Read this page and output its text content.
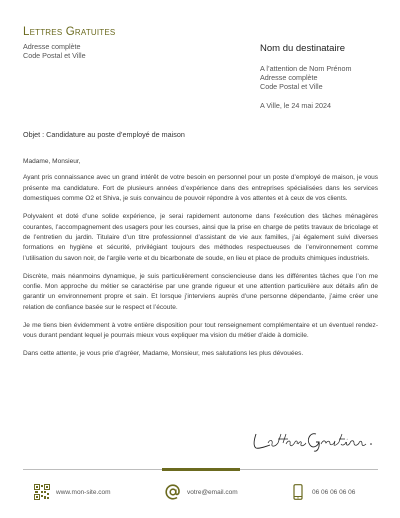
Lettres Gratuites
Adresse complète
Code Postal et Ville
Nom du destinataire
A l’attention de Nom Prénom
Adresse complète
Code Postal et Ville
A Ville, le 24 mai 2024
Objet : Candidature au poste d’employé de maison

Madame, Monsieur,

Ayant pris connaissance avec un grand intérêt de votre besoin en personnel pour un poste d’employé de maison, je vous présente ma candidature. Fort de plusieurs années d’expérience dans des entreprises spécialisées dans les services domestiques comme O2 et Shiva, je suis convaincu de pouvoir répondre à vos attentes et à ceux de vos clients.

Polyvalent et doté d’une solide expérience, je serai rapidement autonome dans l’exécution des tâches ménagères courantes, l’accompagnement des usagers pour les courses, ainsi que la prise en charge de petits travaux de bricolage et de l’entretien du jardin. Titulaire d’un titre professionnel d’assistant de vie aux familles, j’ai également suivi diverses formations en hygiène et sécurité, privilégiant toujours des méthodes respectueuses de l’environnement comme l’utilisation du savon noir, de l’argile verte et du bicarbonate de soude, en lieu et place de produits chimiques industriels.

Discrète, mais néanmoins dynamique, je suis particulièrement consciencieuse dans les différentes tâches que l’on me confie. Mon approche du métier se caractérise par une grande rigueur et une attention particulière aux détails afin de garantir un environnement propre et sain. Et lorsque j’interviens auprès d’une personne dépendante, j’aime créer une relation de confiance basée sur le respect et l’écoute.

Je me tiens bien évidemment à votre entière disposition pour tout renseignement complémentaire et un éventuel rendez-vous durant pendant lequel je pourrais mieux vous expliquer ma vision du métier d’aide à domicile.

Dans cette attente, je vous prie d’agréer, Madame, Monsieur, mes salutations les plus dévouées.

www.mon-site.com	votre@email.com	06 06 06 06 06
